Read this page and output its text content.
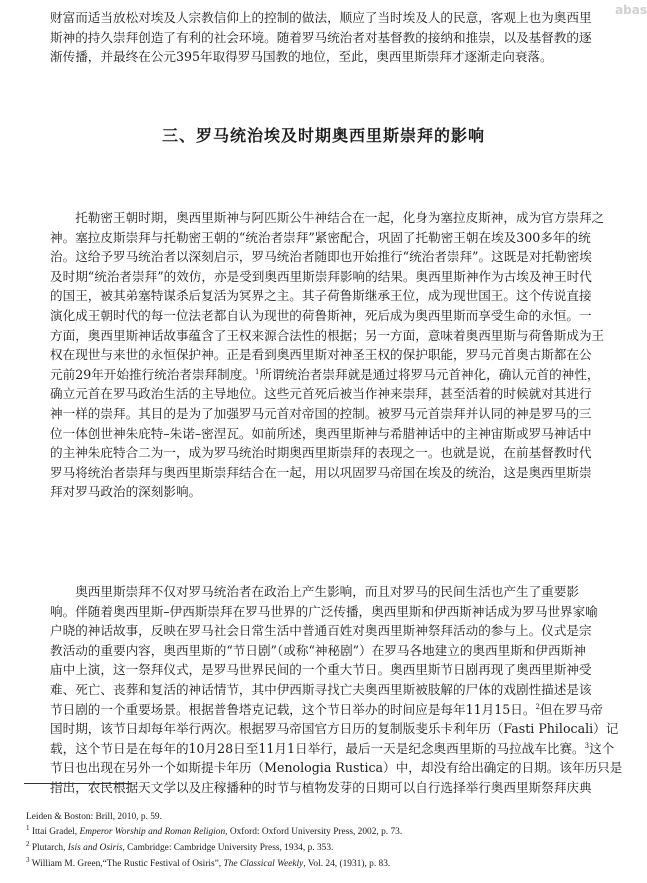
abas
财富而适当放松对埃及人宗教信仰上的控制的做法，顺应了当时埃及人的民意，客观上也为奥西里
斯神的持久崇拜创造了有利的社会环境。随着罗马统治者对基督教的接纳和推崇，以及基督教的逐
渐传播，并最终在公元395年取得罗马国教的地位，至此，奥西里斯崇拜才逐渐走向衰落。
三、罗马统治埃及时期奥西里斯崇拜的影响
　　托勒密王朝时期，奥西里斯神与阿匹斯公牛神结合在一起，化身为塞拉皮斯神，成为官方崇拜之
神。塞拉皮斯崇拜与托勒密王朝的“统治者崇拜”紧密配合，巩固了托勒密王朝在埃及300多年的统
治。这给予罗马统治者以深刻启示，罗马统治者随即也开始推行“统治者崇拜”。这既是对托勒密埃
及时期“统治者崇拜”的效仿，亦是受到奥西里斯崇拜影响的结果。奥西里斯神作为古埃及神王时代
的国王，被其弟塞特谋杀后复活为冥界之主。其子荷鲁斯继承王位，成为现世国王。这个传说直接
演化成王朝时代的每一位法老都自认为现世的荷鲁斯神，死后成为奥西里斯而享受生命的永恒。一
方面，奥西里斯神话故事蕴含了王权来源合法性的根据；另一方面，意味着奥西里斯与荷鲁斯成为王
权在现世与来世的永恒保护神。正是看到奥西里斯对神圣王权的保护职能，罗马元首奥古斯都在公
元前29年开始推行统治者崇拜制度。$^1$所谓统治者崇拜就是通过将罗马元首神化，确认元首的神性，
确立元首在罗马政治生活的主导地位。这些元首死后被当作神来崇拜，甚至活着的时候就对其进行
神一样的崇拜。其目的是为了加强罗马元首对帝国的控制。被罗马元首崇拜并认同的神是罗马的三
位一体创世神朱庇特–朱诺–密涅瓦。如前所述，奥西里斯神与希腊神话中的主神宙斯或罗马神话中
的主神朱庇特合二为一，成为罗马统治时期奥西里斯崇拜的表现之一。也就是说，在前基督教时代
罗马将统治者崇拜与奥西里斯崇拜结合在一起，用以巩固罗马帝国在埃及的统治，这是奥西里斯崇
拜对罗马政治的深刻影响。
　　奥西里斯崇拜不仅对罗马统治者在政治上产生影响，而且对罗马的民间生活也产生了重要影
响。伴随着奥西里斯–伊西斯崇拜在罗马世界的广泛传播，奥西里斯和伊西斯神话成为罗马世界家喻
户晓的神话故事，反映在罗马社会日常生活中普通百姓对奥西里斯神祭拜活动的参与上。仪式是宗
教活动的重要内容，奥西里斯的“节日剧”（或称“神秘剧”）在罗马各地建立的奥西里斯和伊西斯神
庙中上演，这一祭拜仪式，是罗马世界民间的一个重大节日。奥西里斯节日剧再现了奥西里斯神受
难、死亡、丧葬和复活的神话情节，其中伊西斯寻找亡夫奥西里斯被肢解的尸体的戏剧性描述是该
节日剧的一个重要场景。根据普鲁塔克记载，这个节日举办的时间应是每年11月15日。$^2$但在罗马帝
国时期，该节日却每年举行两次。根据罗马帝国官方日历的复制版斐乐卡利年历（Fasti Philocali）记
载，这个节日是在每年的10月28日至11月1日举行，最后一天是纪念奥西里斯的马拉战车比赛。$^3$这个
节日也出现在另外一个如斯提卡年历（Menologia Rustica）中，却没有给出确定的日期。该年历只是
指出，农民根据天文学以及庄稼播种的时节与植物发芽的日期可以自行选择举行奥西里斯祭拜庆典
Leiden & Boston: Brill, 2010, p. 59.
$^1$ Ittai Gradel, Emperor Worship and Roman Religion, Oxford: Oxford University Press, 2002, p. 73.
$^2$ Plutarch, Isis and Osiris, Cambridge: Cambridge University Press, 1934, p. 353.
$^3$ William M. Green,“The Rustic Festival of Osiris”, The Classical Weekly, Vol. 24, (1931), p. 83.
